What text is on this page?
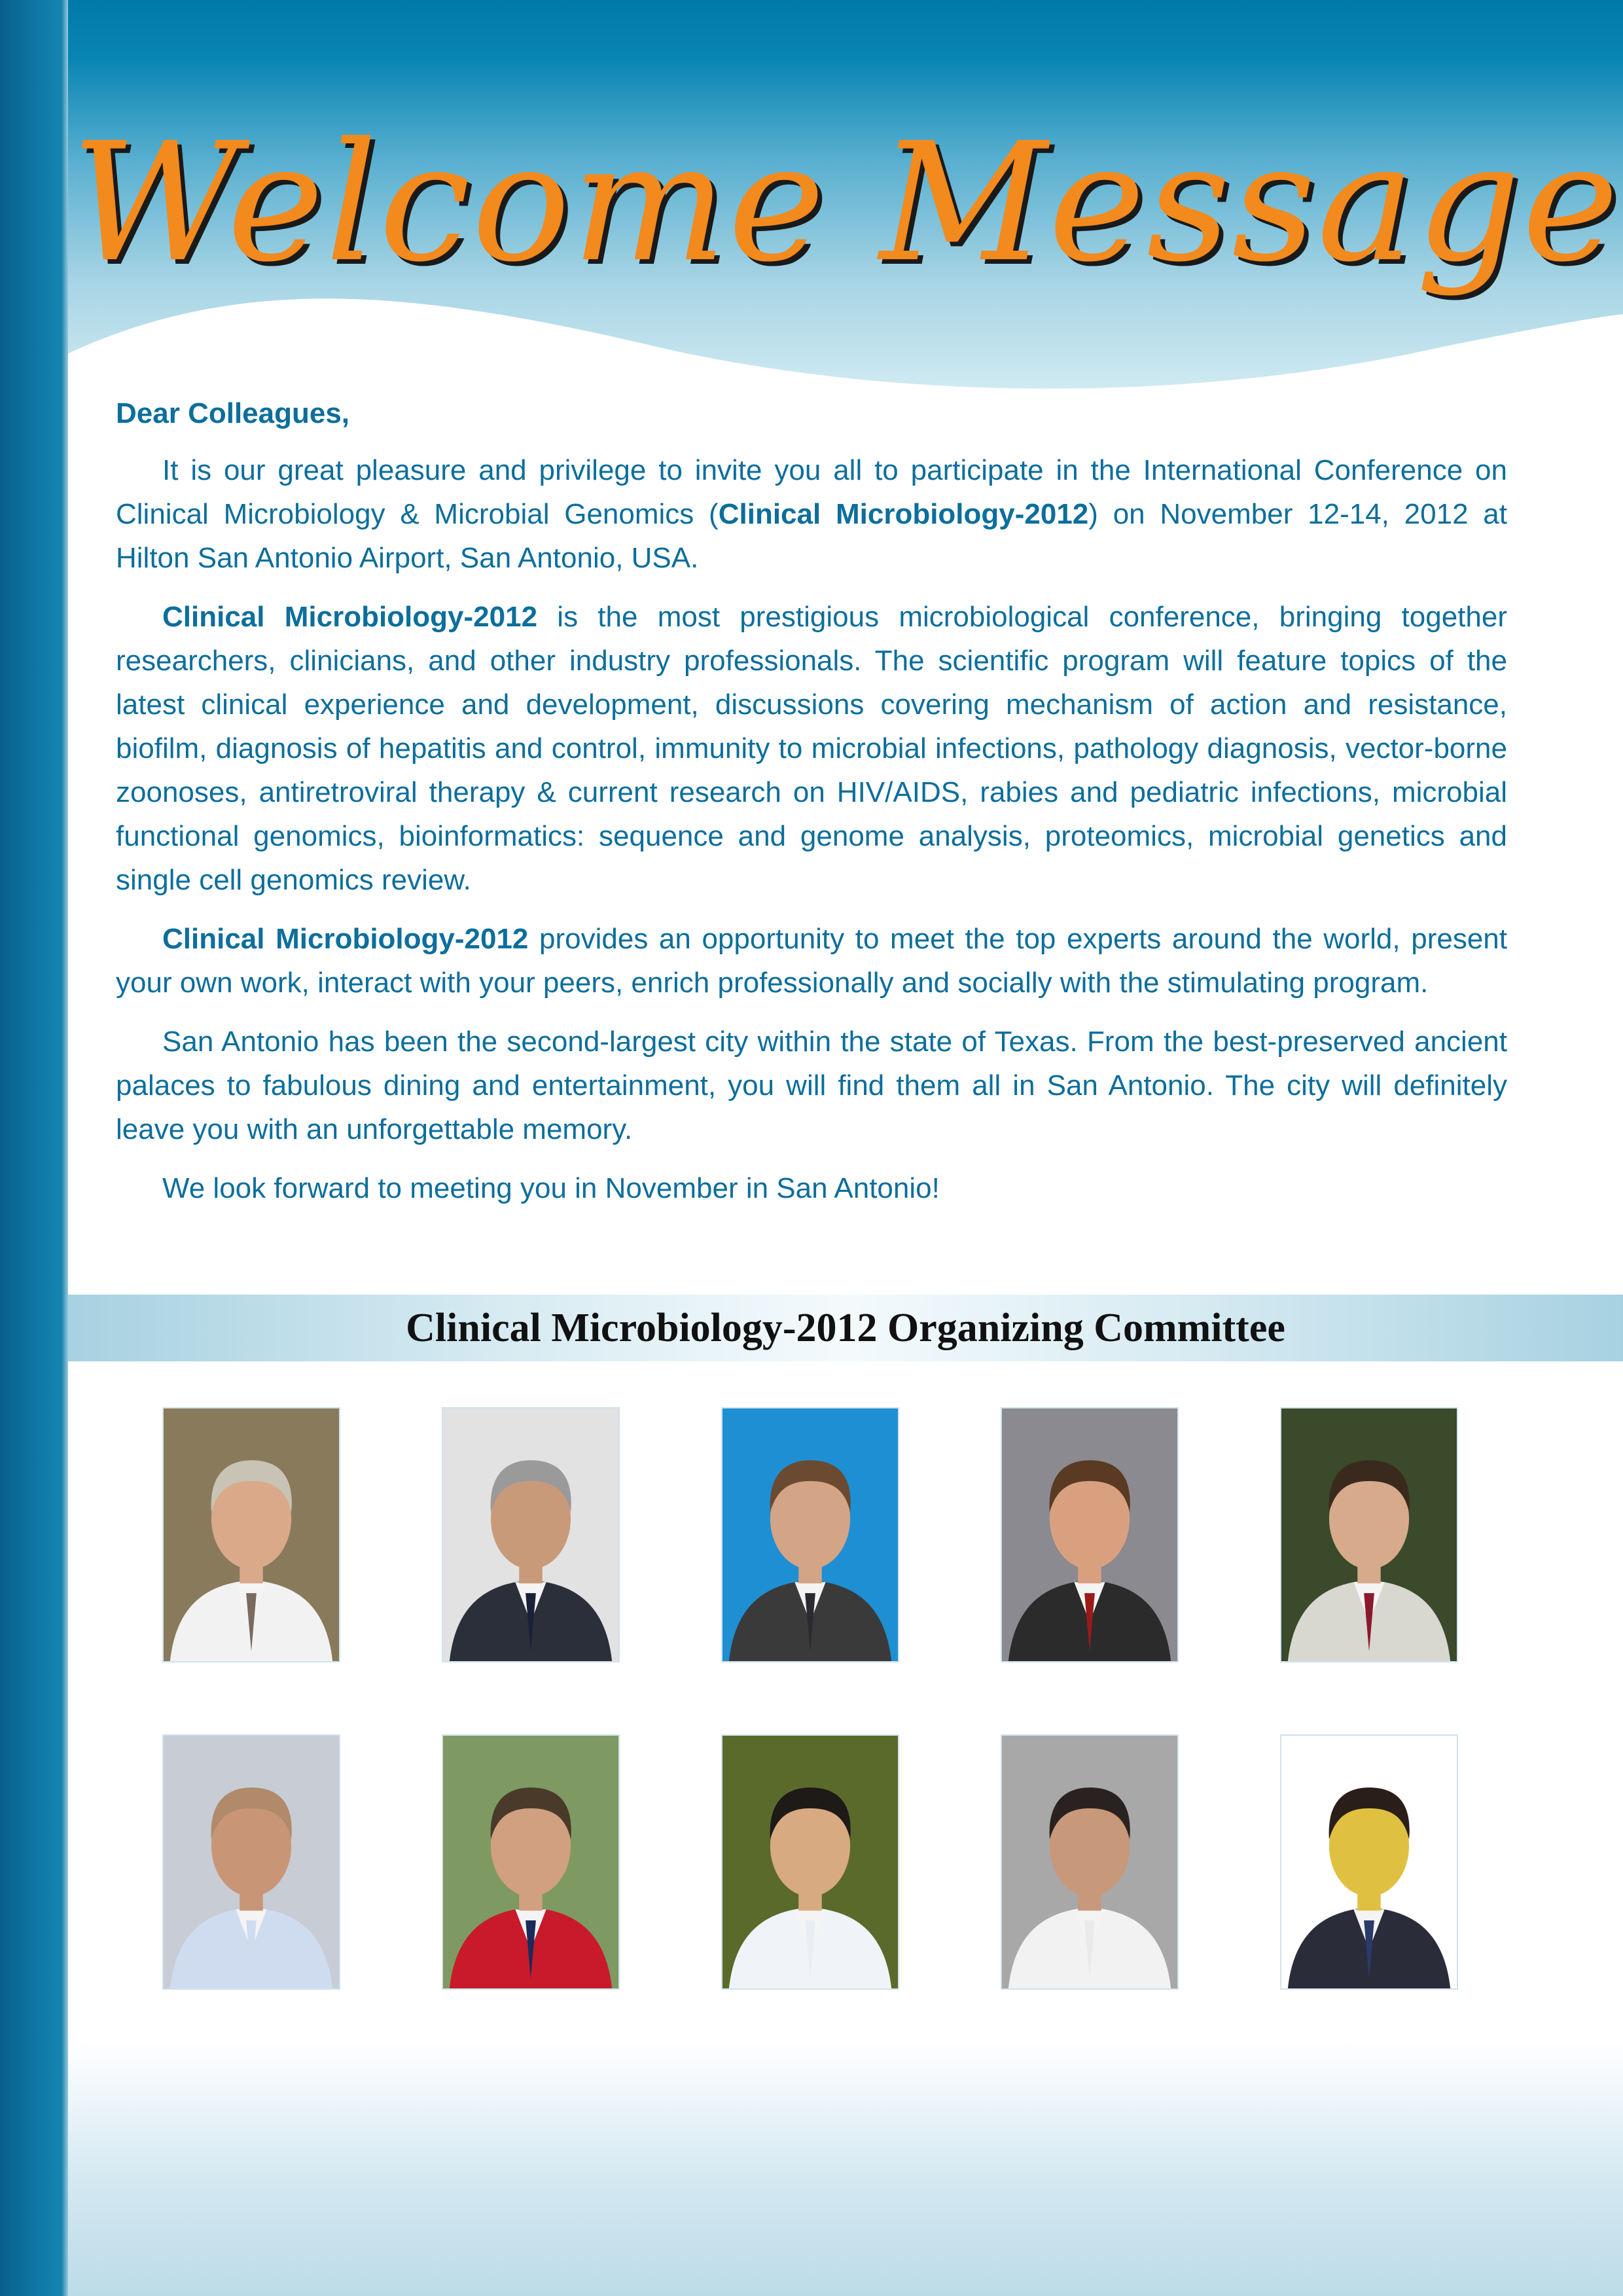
Welcome Message
Dear Colleagues,

It is our great pleasure and privilege to invite you all to participate in the International Conference on Clinical Microbiology & Microbial Genomics (Clinical Microbiology-2012) on November 12-14, 2012 at Hilton San Antonio Airport, San Antonio, USA.

Clinical Microbiology-2012 is the most prestigious microbiological conference, bringing together researchers, clinicians, and other industry professionals. The scientific program will feature topics of the latest clinical experience and development, discussions covering mechanism of action and resistance, biofilm, diagnosis of hepatitis and control, immunity to microbial infections, pathology diagnosis, vector-borne zoonoses, antiretroviral therapy & current research on HIV/AIDS, rabies and pediatric infections, microbial functional genomics, bioinformatics: sequence and genome analysis, proteomics, microbial genetics and single cell genomics review.

Clinical Microbiology-2012 provides an opportunity to meet the top experts around the world, present your own work, interact with your peers, enrich professionally and socially with the stimulating program.

San Antonio has been the second-largest city within the state of Texas. From the best-preserved ancient palaces to fabulous dining and entertainment, you will find them all in San Antonio. The city will definitely leave you with an unforgettable memory.

We look forward to meeting you in November in San Antonio!

Clinical Microbiology-2012 Organizing Committee
